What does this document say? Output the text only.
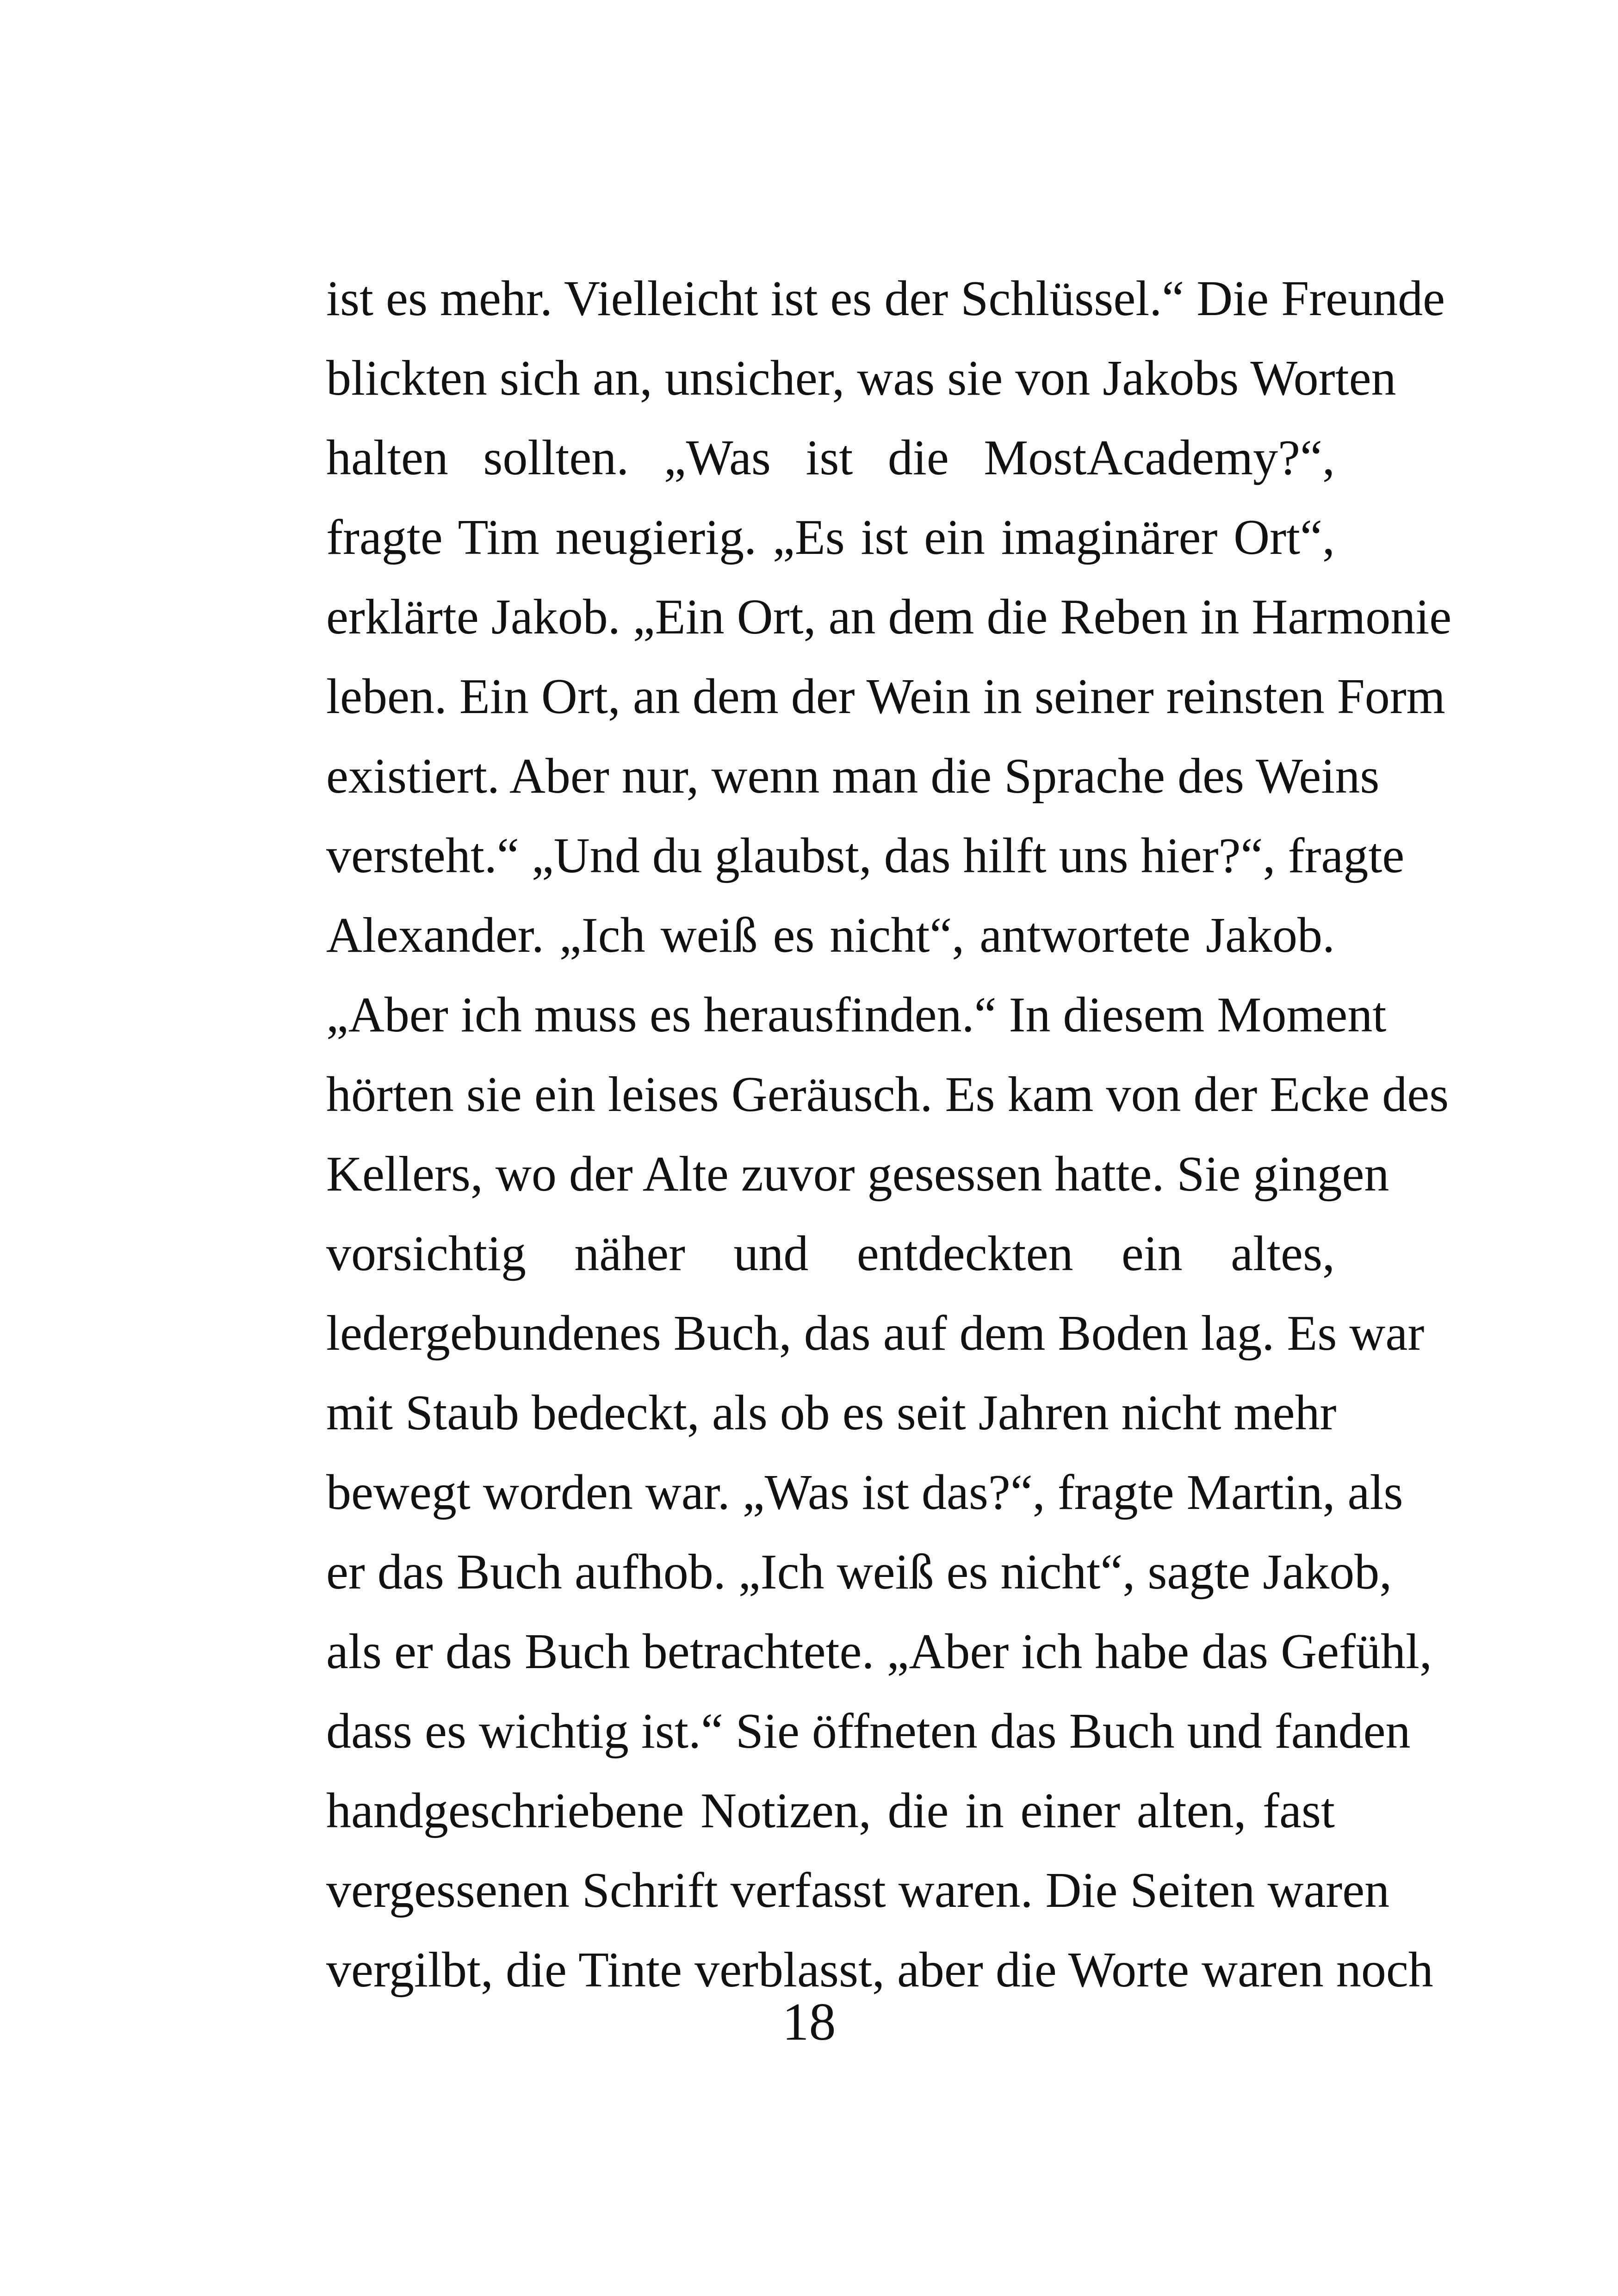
ist es mehr. Vielleicht ist es der Schlüssel.“ Die Freunde
blickten sich an, unsicher, was sie von Jakobs Worten
halten sollten. „Was ist die MostAcademy?“,
fragte Tim neugierig. „Es ist ein imaginärer Ort“,
erklärte Jakob. „Ein Ort, an dem die Reben in Harmonie
leben. Ein Ort, an dem der Wein in seiner reinsten Form
existiert. Aber nur, wenn man die Sprache des Weins
versteht.“ „Und du glaubst, das hilft uns hier?“, fragte
Alexander. „Ich weiß es nicht“, antwortete Jakob.
„Aber ich muss es herausfinden.“ In diesem Moment
hörten sie ein leises Geräusch. Es kam von der Ecke des
Kellers, wo der Alte zuvor gesessen hatte. Sie gingen
vorsichtig näher und entdeckten ein altes,
ledergebundenes Buch, das auf dem Boden lag. Es war
mit Staub bedeckt, als ob es seit Jahren nicht mehr
bewegt worden war. „Was ist das?“, fragte Martin, als
er das Buch aufhob. „Ich weiß es nicht“, sagte Jakob,
als er das Buch betrachtete. „Aber ich habe das Gefühl,
dass es wichtig ist.“ Sie öffneten das Buch und fanden
handgeschriebene Notizen, die in einer alten, fast
vergessenen Schrift verfasst waren. Die Seiten waren
vergilbt, die Tinte verblasst, aber die Worte waren noch
18
